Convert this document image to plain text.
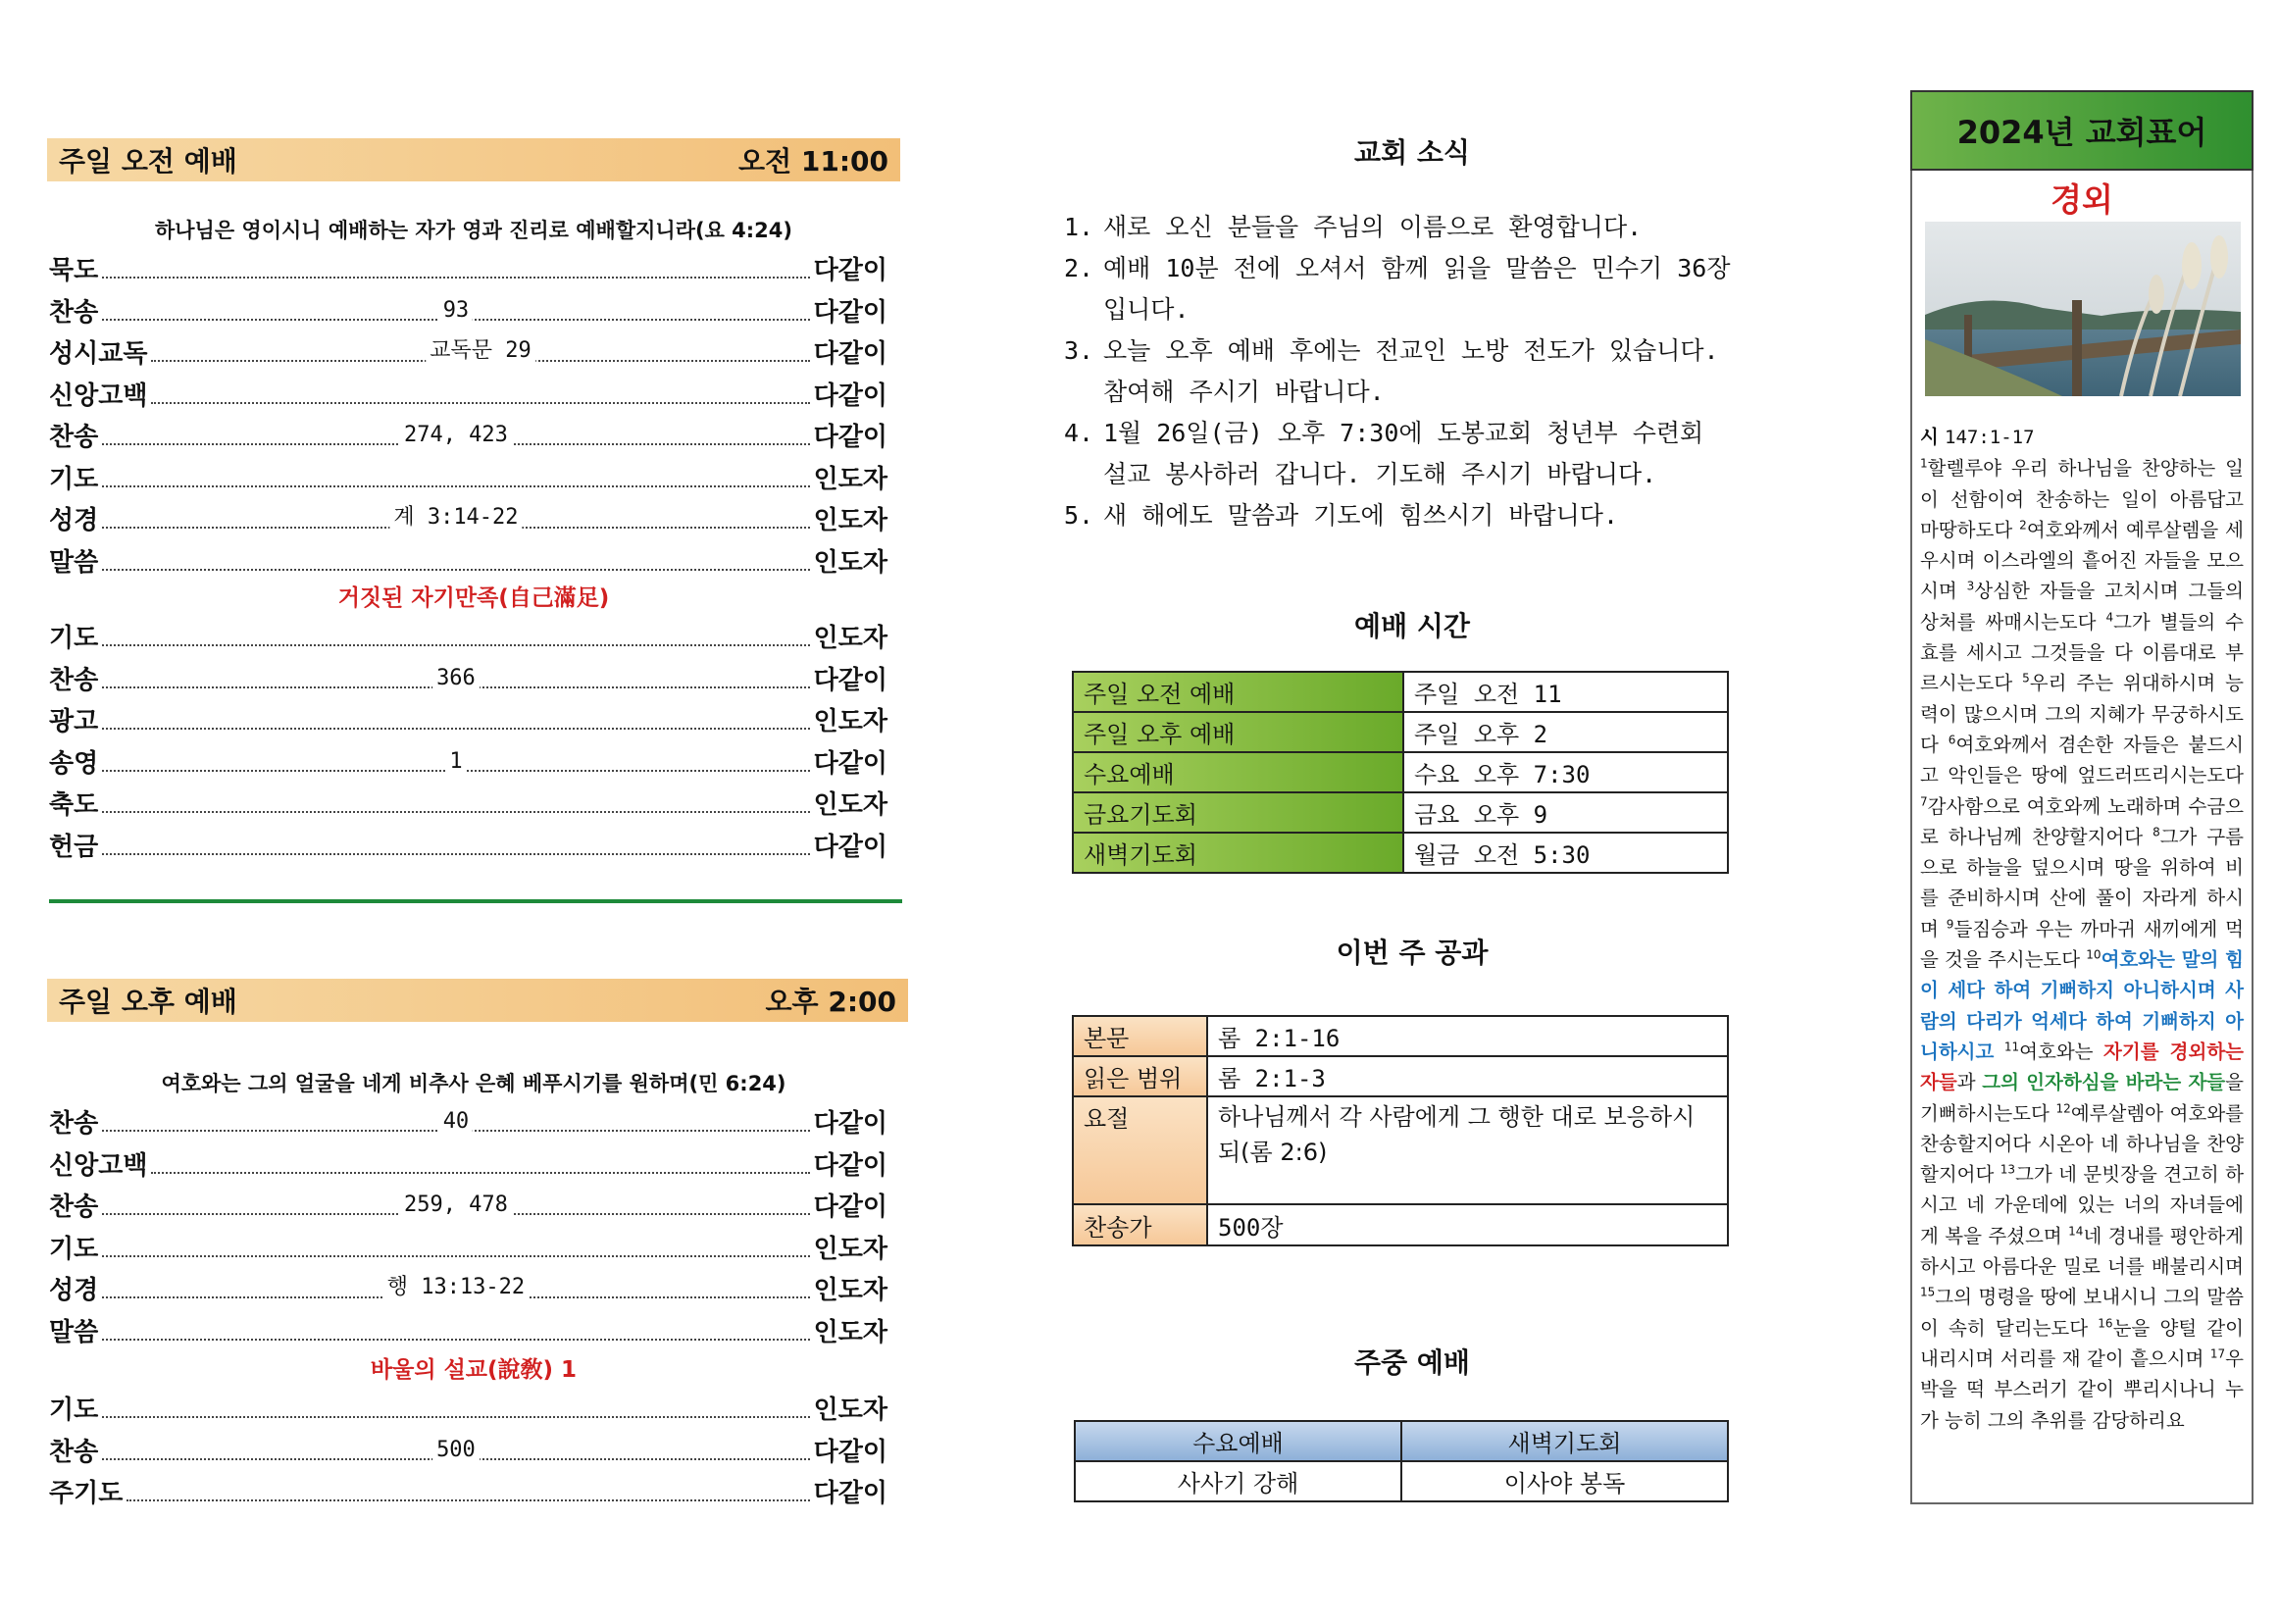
주일 오전 예배	오전 11:00
하나님은 영이시니 예배하는 자가 영과 진리로 예배할지니라(요 4:24)
묵도	다같이
찬송	93	다같이
성시교독	교독문 29	다같이
신앙고백	다같이
찬송	274, 423	다같이
기도	인도자
성경	계 3:14-22	인도자
말씀	인도자
거짓된 자기만족(自己滿足)
기도	인도자
찬송	366	다같이
광고	인도자
송영	1	다같이
축도	인도자
헌금	다같이
주일 오후 예배	오후 2:00
여호와는 그의 얼굴을 네게 비추사 은혜 베푸시기를 원하며(민 6:24)
찬송	40	다같이
신앙고백	다같이
찬송	259, 478	다같이
기도	인도자
성경	행 13:13-22	인도자
말씀	인도자
바울의 설교(說敎) 1
기도	인도자
찬송	500	다같이
주기도	다같이
교회 소식
1. 새로 오신 분들을 주님의 이름으로 환영합니다.
2. 예배 10분 전에 오셔서 함께 읽을 말씀은 민수기 36장
입니다.
3. 오늘 오후 예배 후에는 전교인 노방 전도가 있습니다.
참여해 주시기 바랍니다.
4. 1월 26일(금) 오후 7:30에 도봉교회 청년부 수련회
설교 봉사하러 갑니다. 기도해 주시기 바랍니다.
5. 새 해에도 말씀과 기도에 힘쓰시기 바랍니다.
예배 시간
주일 오전 예배	주일 오전 11
주일 오후 예배	주일 오후 2
수요예배	수요 오후 7:30
금요기도회	금요 오후 9
새벽기도회	월금 오전 5:30
이번 주 공과
본문	롬 2:1-16
읽은 범위	롬 2:1-3
요절	하나님께서 각 사람에게 그 행한 대로 보응하시
되(롬 2:6)

찬송가	500장
주중 예배
수요예배	새벽기도회
사사기 강해	이사야 봉독
2024년 교회표어
경외
시 147:1-17
$^1$할렐루야 우리 하나님을 찬양하는 일이 선함이여 찬송하는 일이 아름답고 마땅하도다 $^2$여호와께서 예루살렘을 세우시며 이스라엘의 흩어진 자들을 모으시며 $^3$상심한 자들을 고치시며 그들의 상처를 싸매시는도다 $^4$그가 별들의 수효를 세시고 그것들을 다 이름대로 부르시는도다 $^5$우리 주는 위대하시며 능력이 많으시며 그의 지혜가 무궁하시도다 $^6$여호와께서 겸손한 자들은 붙드시고 악인들은 땅에 엎드러뜨리시는도다 $^7$감사함으로 여호와께 노래하며 수금으로 하나님께 찬양할지어다 $^8$그가 구름으로 하늘을 덮으시며 땅을 위하여 비를 준비하시며 산에 풀이 자라게 하시며 $^9$들짐승과 우는 까마귀 새끼에게 먹을 것을 주시는도다 $^{10}$여호와는 말의 힘이 세다 하여 기뻐하지 아니하시며 사람의 다리가 억세다 하여 기뻐하지 아니하시고 $^{11}$여호와는 자기를 경외하는 자들과 그의 인자하심을 바라는 자들을 기뻐하시는도다 $^{12}$예루살렘아 여호와를 찬송할지어다 시온아 네 하나님을 찬양할지어다 $^{13}$그가 네 문빗장을 견고히 하시고 네 가운데에 있는 너의 자녀들에게 복을 주셨으며 $^{14}$네 경내를 평안하게 하시고 아름다운 밀로 너를 배불리시며 $^{15}$그의 명령을 땅에 보내시니 그의 말씀이 속히 달리는도다 $^{16}$눈을 양털 같이 내리시며 서리를 재 같이 흩으시며 $^{17}$우박을 떡 부스러기 같이 뿌리시나니 누가 능히 그의 추위를 감당하리요
